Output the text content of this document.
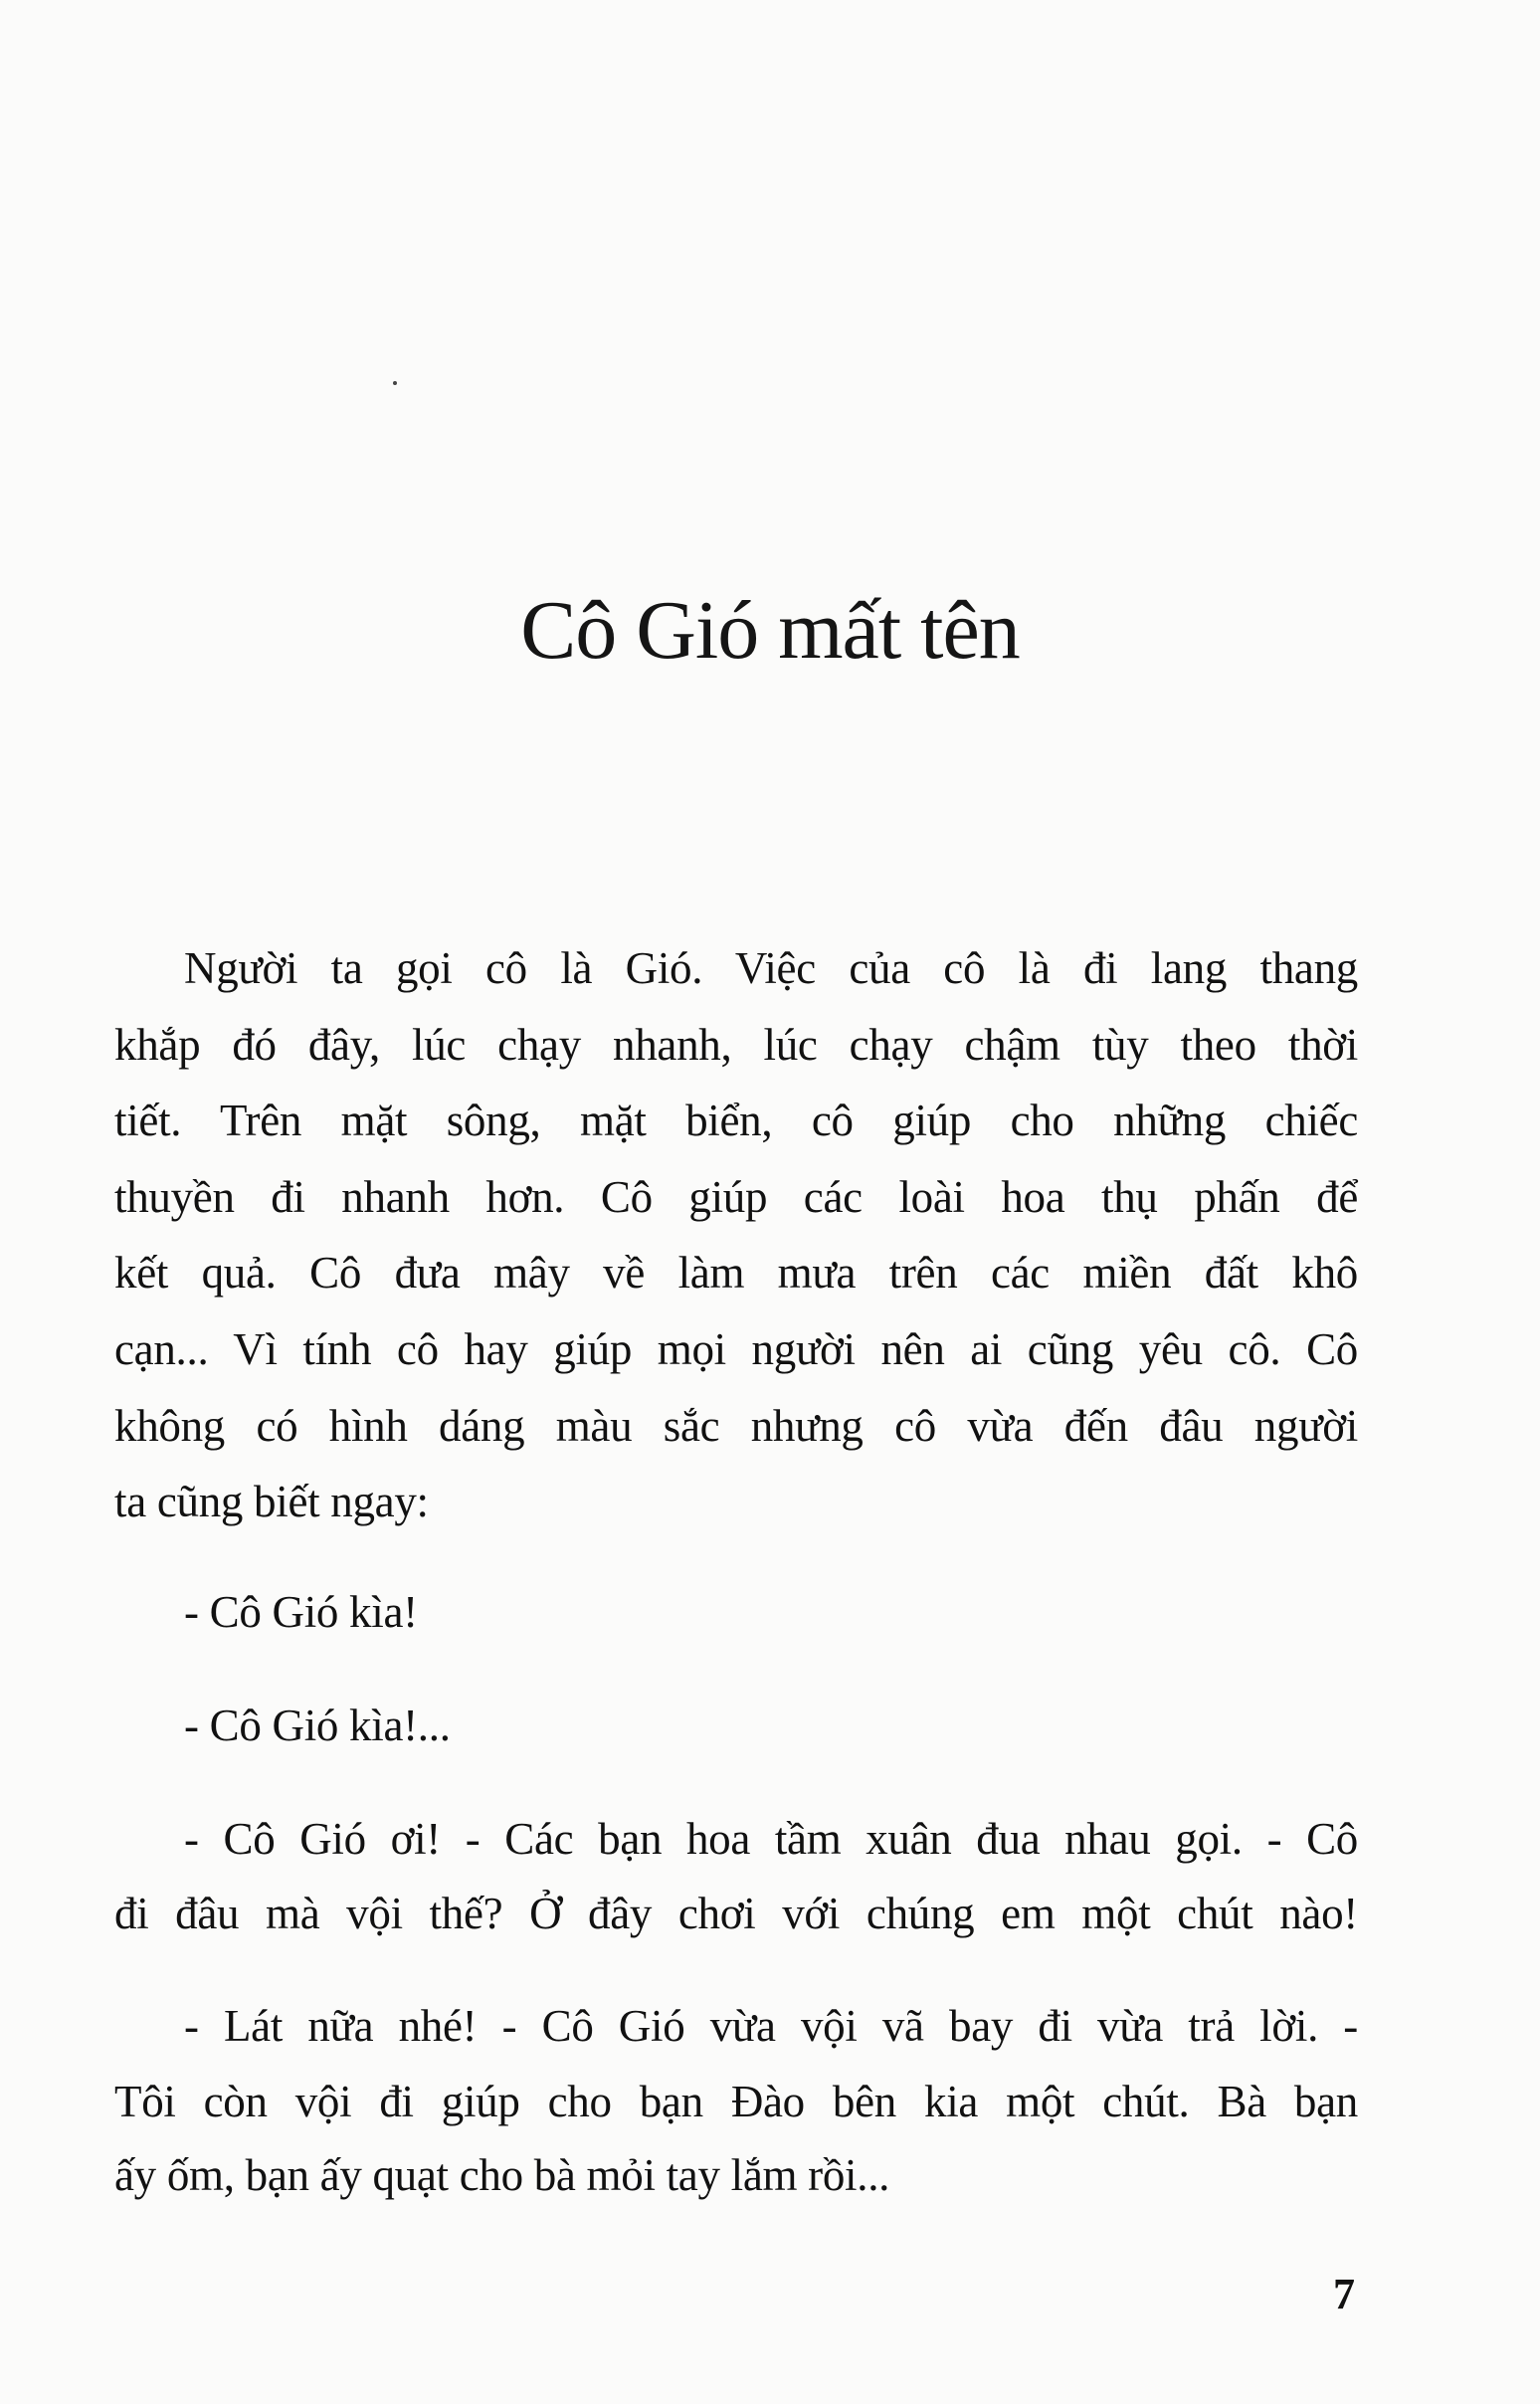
Cô Gió mất tên
Người ta gọi cô là Gió. Việc của cô là đi lang thang
khắp đó đây, lúc chạy nhanh, lúc chạy chậm tùy theo thời
tiết. Trên mặt sông, mặt biển, cô giúp cho những chiếc
thuyền đi nhanh hơn. Cô giúp các loài hoa thụ phấn để
kết quả. Cô đưa mây về làm mưa trên các miền đất khô
cạn... Vì tính cô hay giúp mọi người nên ai cũng yêu cô. Cô
không có hình dáng màu sắc nhưng cô vừa đến đâu người
ta cũng biết ngay:
- Cô Gió kìa!
- Cô Gió kìa!...
- Cô Gió ơi! - Các bạn hoa tầm xuân đua nhau gọi. - Cô
đi đâu mà vội thế? Ở đây chơi với chúng em một chút nào!
- Lát nữa nhé! - Cô Gió vừa vội vã bay đi vừa trả lời. -
Tôi còn vội đi giúp cho bạn Đào bên kia một chút. Bà bạn
ấy ốm, bạn ấy quạt cho bà mỏi tay lắm rồi...
7
